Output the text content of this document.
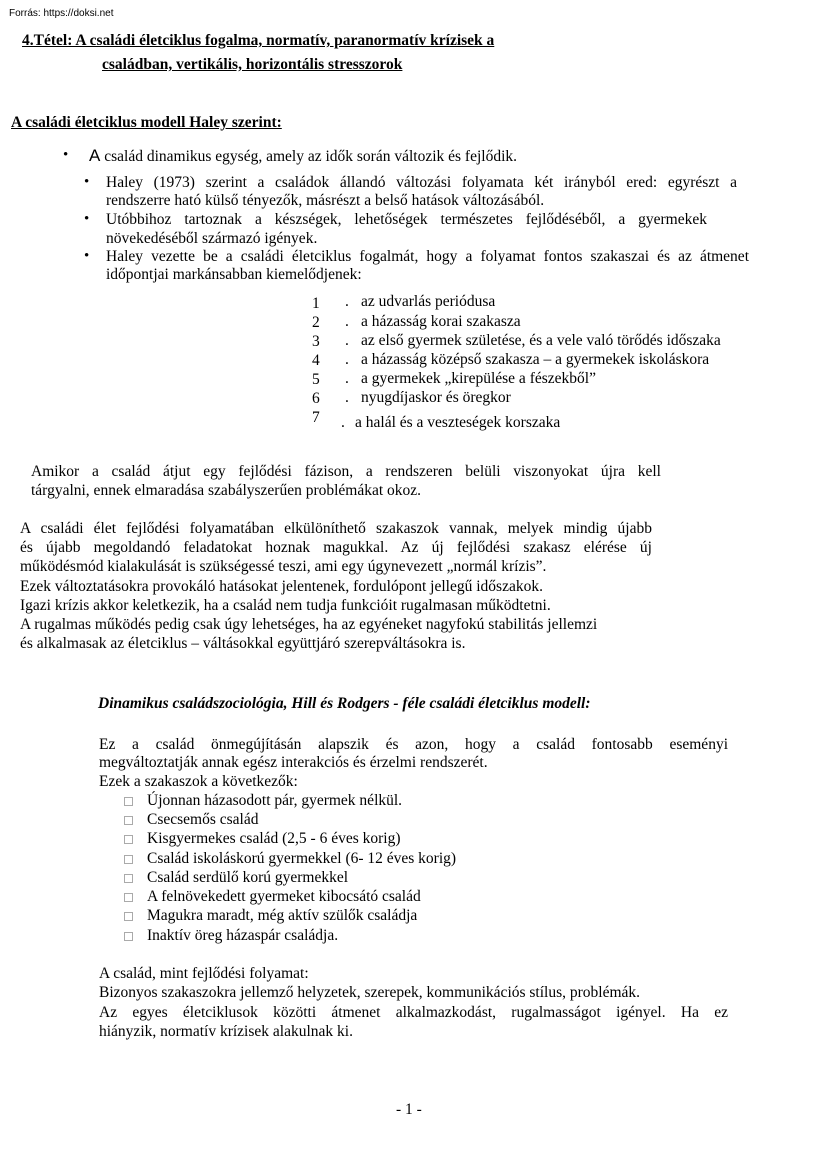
Forrás: https://doksi.net
4.Tétel: A családi életciklus fogalma, normatív, paranormatív krízisek a
családban, vertikális, horizontális stresszorok
A családi életciklus modell Haley szerint:
• A család dinamikus egység, amely az idők során változik és fejlődik.
• Haley (1973) szerint a családok állandó változási folyamata két irányból ered: egyrészt a
rendszerre ható külső tényezők, másrészt a belső hatások változásából.
• Utóbbihoz tartoznak a készségek, lehetőségek természetes fejlődéséből, a gyermekek
növekedéséből származó igények.
• Haley vezette be a családi életciklus fogalmát, hogy a folyamat fontos szakaszai és az átmenet
időpontjai markánsabban kiemelődjenek:
1	. az udvarlás periódusa
2	. a házasság korai szakasza
3	. az első gyermek születése, és a vele való törődés időszaka
4	. a házasság középső szakasza – a gyermekek iskoláskora
5	. a gyermekek „kirepülése a fészekből”
6	. nyugdíjaskor és öregkor
7	. a halál és a veszteségek korszaka
Amikor a család átjut egy fejlődési fázison, a rendszeren belüli viszonyokat újra kell
tárgyalni, ennek elmaradása szabályszerűen problémákat okoz.
A családi élet fejlődési folyamatában elkülöníthető szakaszok vannak, melyek mindig újabb
és újabb megoldandó feladatokat hoznak magukkal. Az új fejlődési szakasz elérése új
működésmód kialakulását is szükségessé teszi, ami egy úgynevezett „normál krízis”.
Ezek változtatásokra provokáló hatásokat jelentenek, fordulópont jellegű időszakok.
Igazi krízis akkor keletkezik, ha a család nem tudja funkcióit rugalmasan működtetni.
A rugalmas működés pedig csak úgy lehetséges, ha az egyéneket nagyfokú stabilitás jellemzi
és alkalmasak az életciklus – váltásokkal együttjáró szerepváltásokra is.
Dinamikus családszociológia, Hill és Rodgers - féle családi életciklus modell:
Ez a család önmegújításán alapszik és azon, hogy a család fontosabb eseményi
megváltoztatják annak egész interakciós és érzelmi rendszerét.
Ezek a szakaszok a következők:
Újonnan házasodott pár, gyermek nélkül.
Csecsemős család
Kisgyermekes család (2,5 - 6 éves korig)
Család iskoláskorú gyermekkel (6- 12 éves korig)
Család serdülő korú gyermekkel
A felnövekedett gyermeket kibocsátó család
Magukra maradt, még aktív szülők családja
Inaktív öreg házaspár családja.
A család, mint fejlődési folyamat:
Bizonyos szakaszokra jellemző helyzetek, szerepek, kommunikációs stílus, problémák.
Az egyes életciklusok közötti átmenet alkalmazkodást, rugalmasságot igényel. Ha ez
hiányzik, normatív krízisek alakulnak ki.
- 1 -
